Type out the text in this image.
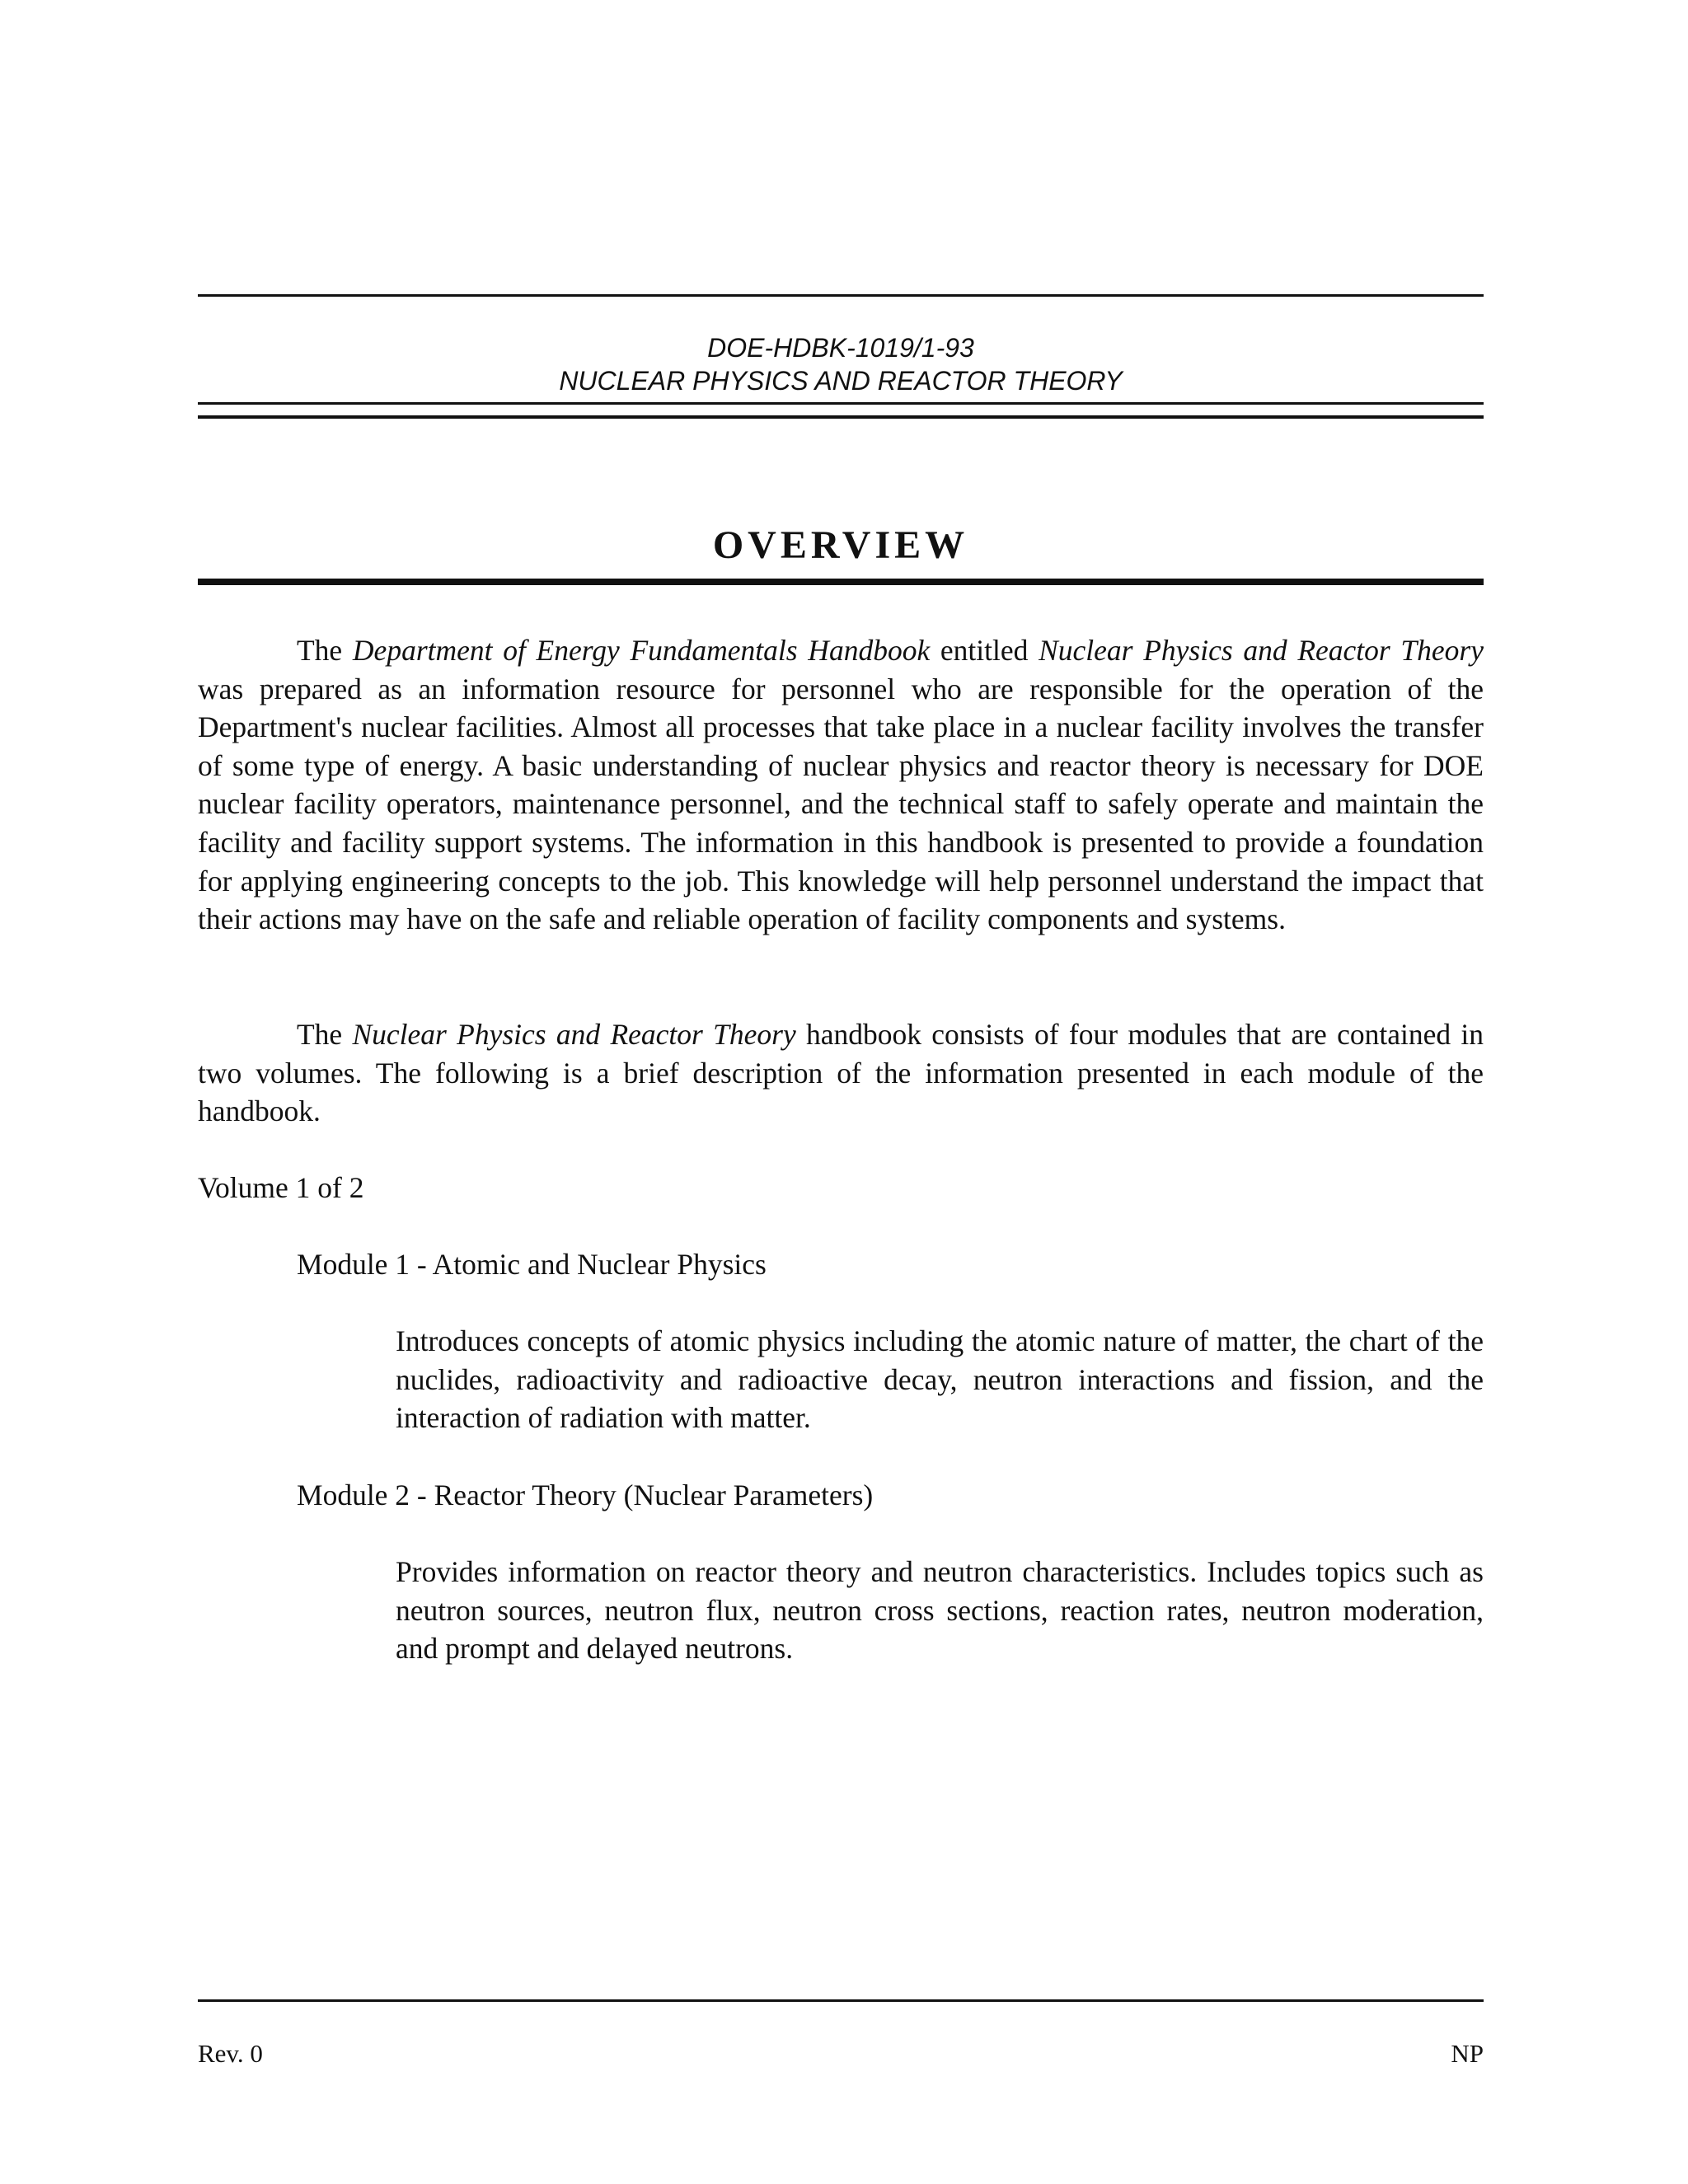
DOE-HDBK-1019/1-93
NUCLEAR PHYSICS AND REACTOR THEORY
OVERVIEW

The Department of Energy Fundamentals Handbook entitled Nuclear Physics and Reactor Theory was prepared as an information resource for personnel who are responsible for the operation of the Department's nuclear facilities. Almost all processes that take place in a nuclear facility involves the transfer of some type of energy. A basic understanding of nuclear physics and reactor theory is necessary for DOE nuclear facility operators, maintenance personnel, and the technical staff to safely operate and maintain the facility and facility support systems. The information in this handbook is presented to provide a foundation for applying engineering concepts to the job. This knowledge will help personnel understand the impact that their actions may have on the safe and reliable operation of facility components and systems.

The Nuclear Physics and Reactor Theory handbook consists of four modules that are contained in two volumes. The following is a brief description of the information presented in each module of the handbook.

Volume 1 of 2

Module 1 - Atomic and Nuclear Physics

Introduces concepts of atomic physics including the atomic nature of matter, the chart of the nuclides, radioactivity and radioactive decay, neutron interactions and fission, and the interaction of radiation with matter.

Module 2 - Reactor Theory (Nuclear Parameters)

Provides information on reactor theory and neutron characteristics. Includes topics such as neutron sources, neutron flux, neutron cross sections, reaction rates, neutron moderation, and prompt and delayed neutrons.

Rev. 0	NP
